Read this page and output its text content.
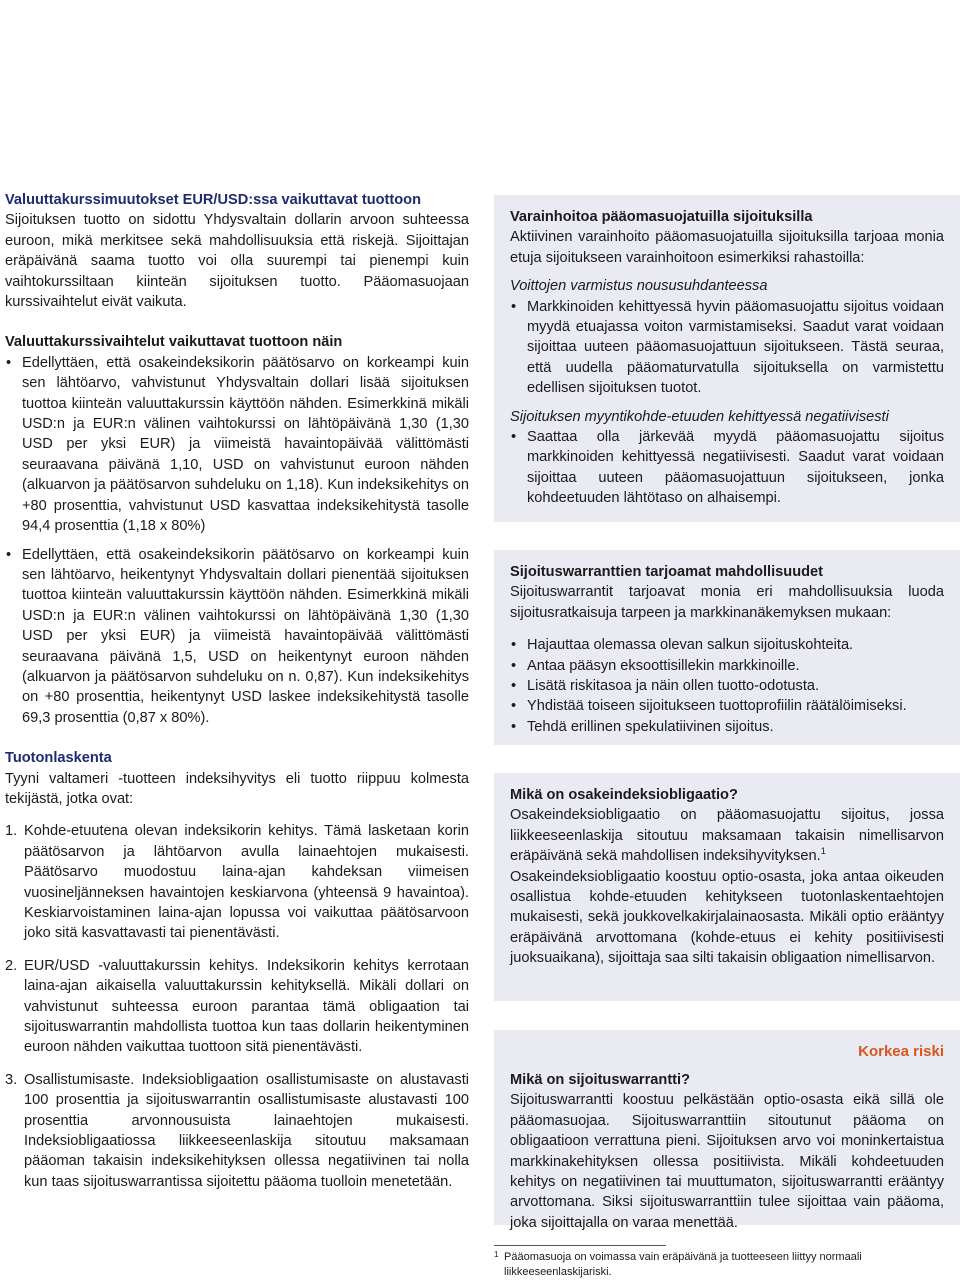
Valuuttakurssimuutokset EUR/USD:ssa vaikuttavat tuottoon

Sijoituksen tuotto on sidottu Yhdysvaltain dollarin arvoon suhteessa euroon, mikä merkitsee sekä mahdollisuuksia että riskejä. Sijoittajan eräpäivänä saama tuotto voi olla suurempi tai pienempi kuin vaihtokurssiltaan kiinteän sijoituksen tuotto. Pääomasuojaan kurssivaihtelut eivät vaikuta.

Valuuttakurssivaihtelut vaikuttavat tuottoon näin

• Edellyttäen, että osakeindeksikorin päätösarvo on korkeampi kuin sen lähtöarvo, vahvistunut Yhdysvaltain dollari lisää sijoituksen tuottoa kiinteän valuuttakurssin käyttöön nähden. Esimerkkinä mikäli USD:n ja EUR:n välinen vaihtokurssi on lähtöpäivänä 1,30 (1,30 USD per yksi EUR) ja viimeistä havaintopäivää välittömästi seuraavana päivänä 1,10, USD on vahvistunut euroon nähden (alkuarvon ja päätösarvon suhdeluku on 1,18). Kun indeksikehitys on +80 prosenttia, vahvistunut USD kasvattaa indeksikehitystä tasolle 94,4 prosenttia (1,18 x 80%)

• Edellyttäen, että osakeindeksikorin päätösarvo on korkeampi kuin sen lähtöarvo, heikentynyt Yhdysvaltain dollari pienentää sijoituksen tuottoa kiinteän valuuttakurssin käyttöön nähden. Esimerkkinä mikäli USD:n ja EUR:n välinen vaihtokurssi on lähtöpäivänä 1,30 (1,30 USD per yksi EUR) ja viimeistä havaintopäivää välittömästi seuraavana päivänä 1,5, USD on heikentynyt euroon nähden (alkuarvon ja päätösarvon suhdeluku on n. 0,87). Kun indeksikehitys on +80 prosenttia, heikentynyt USD laskee indeksikehitystä tasolle 69,3 prosenttia (0,87 x 80%).

Tuotonlaskenta

Tyyni valtameri -tuotteen indeksihyvitys eli tuotto riippuu kolmesta tekijästä, jotka ovat:

1. Kohde-etuutena olevan indeksikorin kehitys. Tämä lasketaan korin päätösarvon ja lähtöarvon avulla lainaehtojen mukaisesti. Päätösarvo muodostuu laina-ajan kahdeksan viimeisen vuosineljänneksen havaintojen keskiarvona (yhteensä 9 havaintoa). Keskiarvoistaminen laina-ajan lopussa voi vaikuttaa päätösarvoon joko sitä kasvattavasti tai pienentävästi.
2. EUR/USD -valuuttakurssin kehitys. Indeksikorin kehitys kerrotaan laina-ajan aikaisella valuuttakurssin kehityksellä. Mikäli dollari on vahvistunut suhteessa euroon parantaa tämä obligaation tai sijoituswarrantin mahdollista tuottoa kun taas dollarin heikentyminen euroon nähden vaikuttaa tuottoon sitä pienentävästi.
3. Osallistumisaste. Indeksiobligaation osallistumisaste on alustavasti 100 prosenttia ja sijoituswarrantin osallistumisaste alustavasti 100 prosenttia arvonnousuista lainaehtojen mukaisesti. Indeksiobligaatiossa liikkeeseenlaskija sitoutuu maksamaan pääoman takaisin indeksikehityksen ollessa negatiivinen tai nolla kun taas sijoituswarrantissa sijoitettu pääoma tuolloin menetetään.

Varainhoitoa pääomasuojatuilla sijoituksilla

Aktiivinen varainhoito pääomasuojatuilla sijoituksilla tarjoaa monia etuja sijoitukseen varainhoitoon esimerkiksi rahastoilla:

Voittojen varmistus noususuhdanteessa

• Markkinoiden kehittyessä hyvin pääomasuojattu sijoitus voidaan myydä etuajassa voiton varmistamiseksi. Saadut varat voidaan sijoittaa uuteen pääomasuojattuun sijoitukseen. Tästä seuraa, että uudella pääomaturvatulla sijoituksella on varmistettu edellisen sijoituksen tuotot.

Sijoituksen myyntikohde-etuuden kehittyessä negatiivisesti

• Saattaa olla järkevää myydä pääomasuojattu sijoitus markkinoiden kehittyessä negatiivisesti. Saadut varat voidaan sijoittaa uuteen pääomasuojattuun sijoitukseen, jonka kohdeetuuden lähtötaso on alhaisempi.

Sijoituswarranttien tarjoamat mahdollisuudet

Sijoituswarrantit tarjoavat monia eri mahdollisuuksia luoda sijoitusratkaisuja tarpeen ja markkinanäkemyksen mukaan:

• Hajauttaa olemassa olevan salkun sijoituskohteita.

• Antaa pääsyn eksoottisillekin markkinoille.

• Lisätä riskitasoa ja näin ollen tuotto-odotusta.

• Yhdistää toiseen sijoitukseen tuottoprofiilin räätälöimiseksi.

• Tehdä erillinen spekulatiivinen sijoitus.

Mikä on osakeindeksiobligaatio?

Osakeindeksiobligaatio on pääomasuojattu sijoitus, jossa liikkeeseenlaskija sitoutuu maksamaan takaisin nimellisarvon eräpäivänä sekä mahdollisen indeksihyvityksen.$^1$

Osakeindeksiobligaatio koostuu optio-osasta, joka antaa oikeuden osallistua kohde-etuuden kehitykseen tuotonlaskentaehtojen mukaisesti, sekä joukkovelkakirjalainaosasta. Mikäli optio erääntyy eräpäivänä arvottomana (kohde-etuus ei kehity positiivisesti juoksuaikana), sijoittaja saa silti takaisin obligaation nimellisarvon.

Korkea riski

Mikä on sijoituswarrantti?

Sijoituswarrantti koostuu pelkästään optio-osasta eikä sillä ole pääomasuojaa. Sijoituswarranttiin sitoutunut pääoma on obligaatioon verrattuna pieni. Sijoituksen arvo voi moninkertaistua markkinakehityksen ollessa positiivista. Mikäli kohdeetuuden kehitys on negatiivinen tai muuttumaton, sijoituswarrantti erääntyy arvottomana. Siksi sijoituswarranttiin tulee sijoittaa vain pääoma, joka sijoittajalla on varaa menettää.

1 Pääomasuoja on voimassa vain eräpäivänä ja tuotteeseen liittyy normaali liikkeeseenlaskijariski.
